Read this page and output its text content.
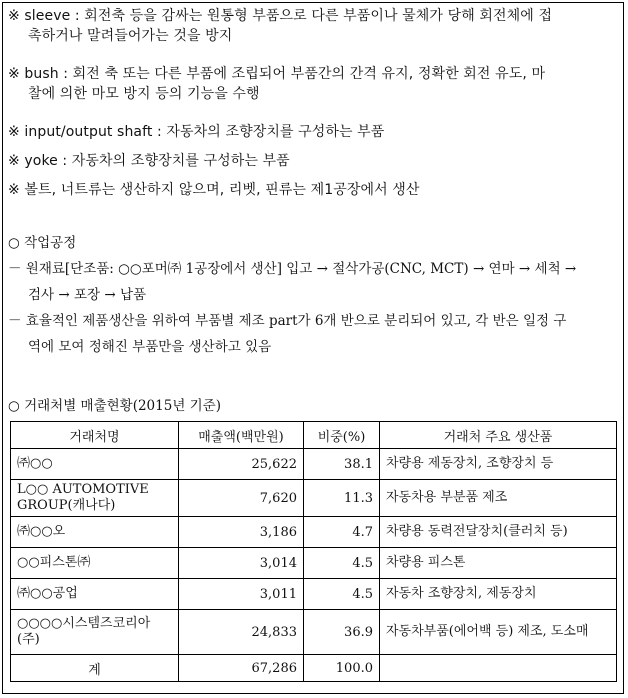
※ sleeve : 회전축 등을 감싸는 원통형 부품으로 다른 부품이나 물체가 당해 회전체에 접
촉하거나 말려들어가는 것을 방지
※ bush : 회전 축 또는 다른 부품에 조립되어 부품간의 간격 유지, 정확한 회전 유도, 마
찰에 의한 마모 방지 등의 기능을 수행
※ input/output shaft : 자동차의 조향장치를 구성하는 부품
※ yoke : 자동차의 조향장치를 구성하는 부품
※ 볼트, 너트류는 생산하지 않으며, 리벳, 핀류는 제1공장에서 생산
○ 작업공정
－ 원재료[단조품: ○○포머㈜ 1공장에서 생산] 입고 → 절삭가공(CNC, MCT) → 연마 → 세척 →
검사 → 포장 → 납품
－ 효율적인 제품생산을 위하여 부품별 제조 part가 6개 반으로 분리되어 있고, 각 반은 일정 구
역에 모여 정해진 부품만을 생산하고 있음
○ 거래처별 매출현황(2015년 기준)
거래처명	매출액(백만원)	비중(%)	거래처 주요 생산품
㈜○○	25,622	38.1	차량용 제동장치, 조향장치 등
L○○ AUTOMOTIVE GROUP(캐나다)	7,620	11.3	자동차용 부분품 제조
㈜○○오	3,186	4.7	차량용 동력전달장치(클러치 등)
○○피스톤㈜	3,014	4.5	차량용 피스톤
㈜○○공업	3,011	4.5	자동차 조향장치, 제동장치
○○○○시스템즈코리아(주)	24,833	36.9	자동차부품(에어백 등) 제조, 도소매
계	67,286	100.0	
